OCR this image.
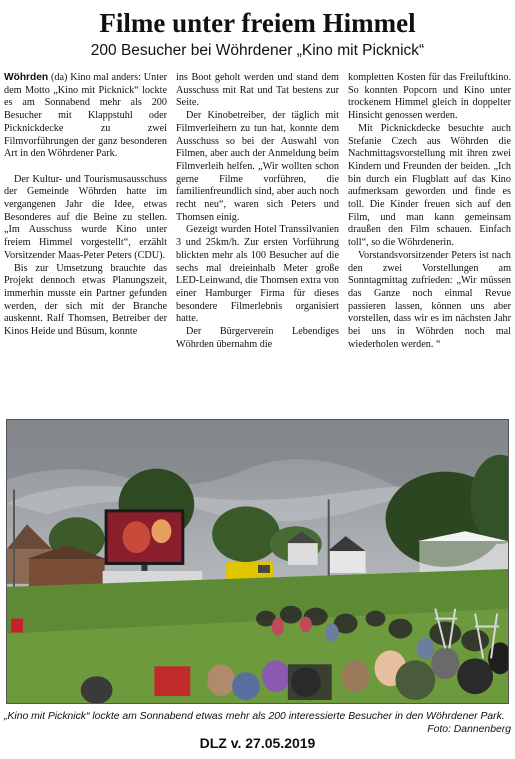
Filme unter freiem Himmel
200 Besucher bei Wöhrdener „Kino mit Picknick“

Wöhrden (da) Kino mal anders: Unter dem Motto „Kino mit Picknick“ lockte es am Sonnabend mehr als 200 Besucher mit Klappstuhl oder Picknickdecke zu zwei Filmvorführungen der ganz besonderen Art in den Wöhrdener Park.

Der Kultur- und Tourismusausschuss der Gemeinde Wöhrden hatte im vergangenen Jahr die Idee, etwas Besonderes auf die Beine zu stellen. „Im Ausschuss wurde Kino unter freiem Himmel vorgestellt“, erzählt Vorsitzender Maas-Peter Peters (CDU).

Bis zur Umsetzung brauchte das Projekt dennoch etwas Planungszeit, immerhin musste ein Partner gefunden werden, der sich mit der Branche auskennt. Ralf Thomsen, Betreiber der Kinos Heide und Büsum, konnte

ins Boot geholt werden und stand dem Ausschuss mit Rat und Tat bestens zur Seite.

Der Kinobetreiber, der täglich mit Filmverleihern zu tun hat, konnte dem Ausschuss so bei der Auswahl von Filmen, aber auch der Anmeldung beim Filmverleih helfen. „Wir wollten schon gerne Filme vorführen, die familienfreundlich sind, aber auch noch recht neu“, waren sich Peters und Thomsen einig.

Gezeigt wurden Hotel Transsilvanien 3 und 25km/h. Zur ersten Vorführung blickten mehr als 100 Besucher auf die sechs mal dreieinhalb Meter große LED-Leinwand, die Thomsen extra von einer Hamburger Firma für dieses besondere Filmerlebnis organisiert hatte.

Der Bürgerverein Lebendiges Wöhrden übernahm die

kompletten Kosten für das Freiluftkino. So konnten Popcorn und Kino unter trockenem Himmel gleich in doppelter Hinsicht genossen werden.

Mit Picknickdecke besuchte auch Stefanie Czech aus Wöhrden die Nachmittagsvorstellung mit ihren zwei Kindern und Freunden der beiden. „Ich bin durch ein Flugblatt auf das Kino aufmerksam geworden und finde es toll. Die Kinder freuen sich auf den Film, und man kann gemeinsam draußen den Film schauen. Einfach toll“, so die Wöhrdenerin.

Vorstandsvorsitzender Peters ist nach den zwei Vorstellungen am Sonntagmittag zufrieden: „Wir müssen das Ganze noch einmal Revue passieren lassen, können uns aber vorstellen, dass wir es im nächsten Jahr bei uns in Wöhrden noch mal wiederholen werden. “

„Kino mit Picknick“ lockte am Sonnabend etwas mehr als 200 interessierte Besucher in den Wöhrdener Park.
Foto: Dannenberg
DLZ v. 27.05.2019
